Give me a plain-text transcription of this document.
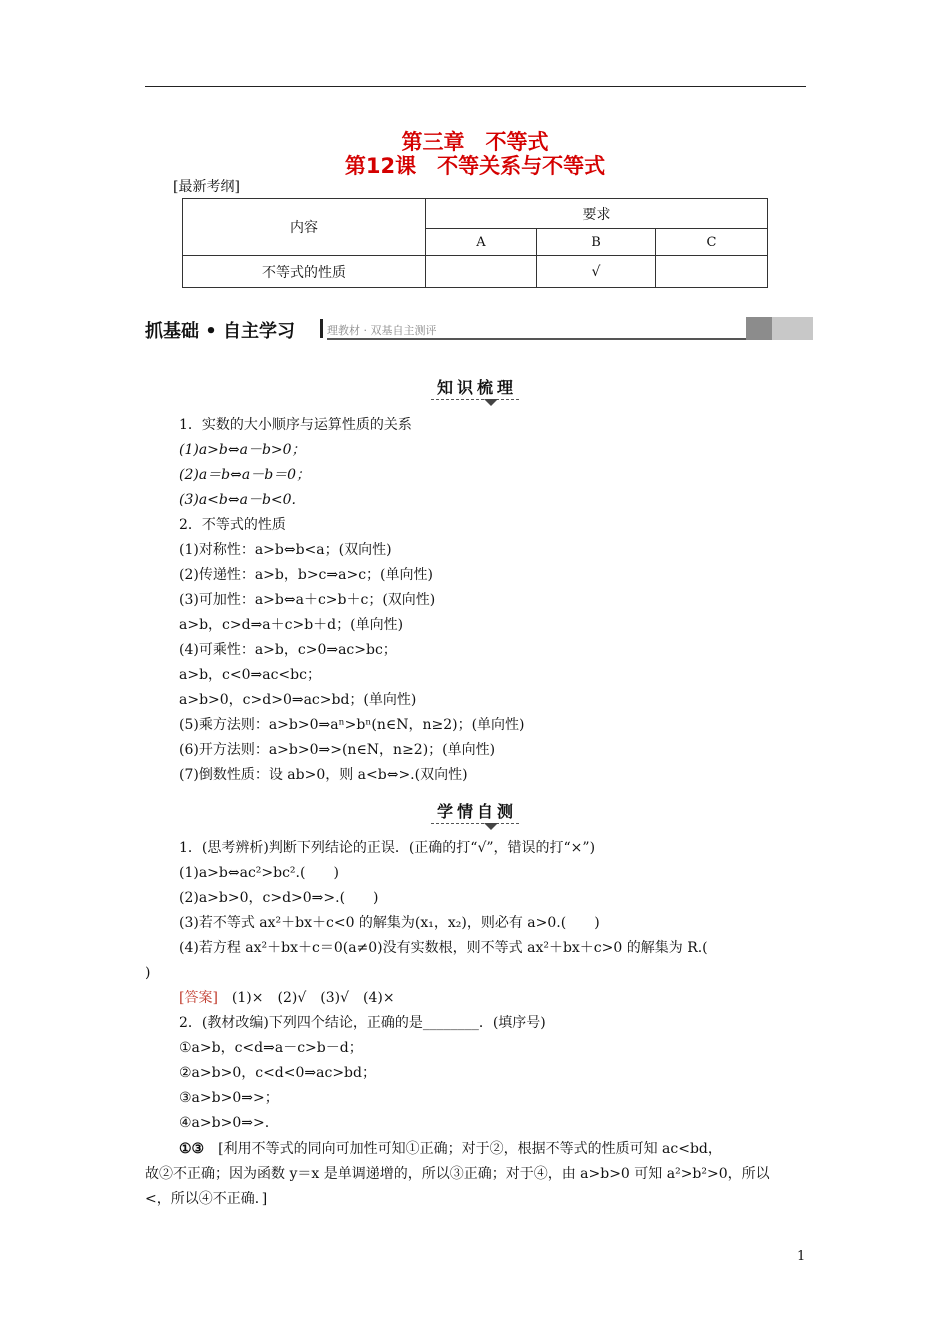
第三章　不等式
第12课　不等关系与不等式
[最新考纲]
内容	要求		
	A	B	C
不等式的性质		√	
抓基础 • 自主学习	理教材 · 双基自主测评
知识梳理
1．实数的大小顺序与运算性质的关系
(1)a>b⇔a－b>0；
(2)a＝b⇔a－b＝0；
(3)a<b⇔a－b<0.
2．不等式的性质
(1)对称性：a>b⇔b<a；(双向性)
(2)传递性：a>b，b>c⇒a>c；(单向性)
(3)可加性：a>b⇔a＋c>b＋c；(双向性)
a>b，c>d⇒a＋c>b＋d；(单向性)
(4)可乘性：a>b，c>0⇒ac>bc；
a>b，c<0⇒ac<bc；
a>b>0，c>d>0⇒ac>bd；(单向性)
(5)乘方法则：a>b>0⇒aⁿ>bⁿ(n∈N，n≥2)；(单向性)
(6)开方法则：a>b>0⇒>(n∈N，n≥2)；(单向性)
(7)倒数性质：设 ab>0，则 a<b⇔>.(双向性)
学情自测
1．(思考辨析)判断下列结论的正误．(正确的打“√”，错误的打“×”)
(1)a>b⇔ac²>bc².(　　)
(2)a>b>0，c>d>0⇒>.(　　)
(3)若不等式 ax²＋bx＋c<0 的解集为(x₁，x₂)，则必有 a>0.(　　)
(4)若方程 ax²＋bx＋c＝0(a≠0)没有实数根，则不等式 ax²＋bx＋c>0 的解集为 R.(
)
[答案]　(1)×　(2)√　(3)√　(4)×
2．(教材改编)下列四个结论，正确的是________．(填序号)
①a>b，c<d⇒a－c>b－d；
②a>b>0，c<d<0⇒ac>bd；
③a>b>0⇒>；
④a>b>0⇒>.
①③　[利用不等式的同向可加性可知①正确；对于②，根据不等式的性质可知 ac<bd，
故②不正确；因为函数 y＝x 是单调递增的，所以③正确；对于④，由 a>b>0 可知 a²>b²>0，所以
<，所以④不正确．]
1
